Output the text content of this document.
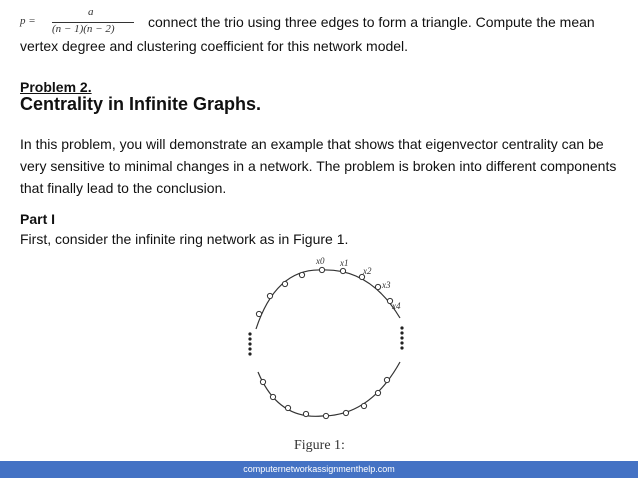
p =
a
(n − 1)(n − 2) connect the trio using three edges to form a triangle. Compute the mean
vertex degree and clustering coefficient for this network model.
Problem 2.
Centrality in Infinite Graphs.
In this problem, you will demonstrate an example that shows that eigenvector centrality can be very sensitive to minimal changes in a network. The problem is broken into different components that finally lead to the conclusion.
Part I
First, consider the infinite ring network as in Figure 1.
x0 x1
x2
x3
x4
Figure 1:
computernetworkassignmenthelp.com
